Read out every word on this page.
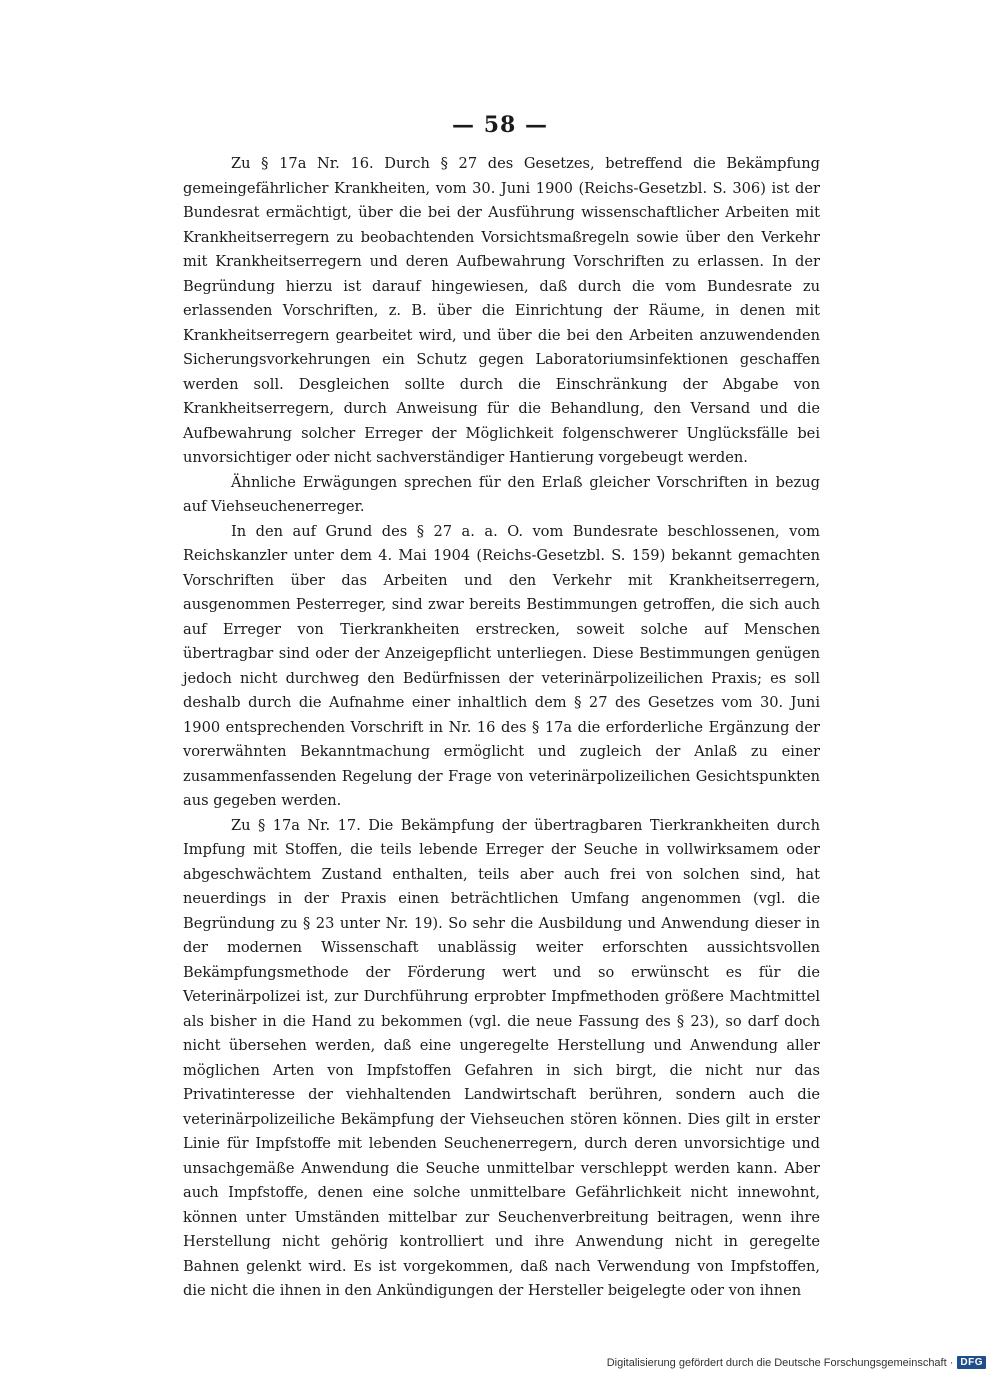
— 58 —

Zu § 17a Nr. 16. Durch § 27 des Gesetzes, betreffend die Bekämpfung gemeingefährlicher Krankheiten, vom 30. Juni 1900 (Reichs-Gesetzbl. S. 306) ist der Bundesrat ermächtigt, über die bei der Ausführung wissenschaftlicher Arbeiten mit Krankheitserregern zu beobachtenden Vorsichtsmaßregeln sowie über den Verkehr mit Krankheitserregern und deren Aufbewahrung Vorschriften zu erlassen. In der Begründung hierzu ist darauf hingewiesen, daß durch die vom Bundesrate zu erlassenden Vorschriften, z. B. über die Einrichtung der Räume, in denen mit Krankheitserregern gearbeitet wird, und über die bei den Arbeiten anzuwendenden Sicherungsvorkehrungen ein Schutz gegen Laboratoriumsinfektionen geschaffen werden soll. Desgleichen sollte durch die Einschränkung der Abgabe von Krankheitserregern, durch Anweisung für die Behandlung, den Versand und die Aufbewahrung solcher Erreger der Möglichkeit folgenschwerer Unglücksfälle bei unvorsichtiger oder nicht sachverständiger Hantierung vorgebeugt werden.

Ähnliche Erwägungen sprechen für den Erlaß gleicher Vorschriften in bezug auf Viehseuchenerreger.

In den auf Grund des § 27 a. a. O. vom Bundesrate beschlossenen, vom Reichskanzler unter dem 4. Mai 1904 (Reichs-Gesetzbl. S. 159) bekannt gemachten Vorschriften über das Arbeiten und den Verkehr mit Krankheitserregern, ausgenommen Pesterreger, sind zwar bereits Bestimmungen getroffen, die sich auch auf Erreger von Tierkrankheiten erstrecken, soweit solche auf Menschen übertragbar sind oder der Anzeigepflicht unterliegen. Diese Bestimmungen genügen jedoch nicht durchweg den Bedürfnissen der veterinärpolizeilichen Praxis; es soll deshalb durch die Aufnahme einer inhaltlich dem § 27 des Gesetzes vom 30. Juni 1900 entsprechenden Vorschrift in Nr. 16 des § 17a die erforderliche Ergänzung der vorerwähnten Bekanntmachung ermöglicht und zugleich der Anlaß zu einer zusammenfassenden Regelung der Frage von veterinärpolizeilichen Gesichtspunkten aus gegeben werden.

Zu § 17a Nr. 17. Die Bekämpfung der übertragbaren Tierkrankheiten durch Impfung mit Stoffen, die teils lebende Erreger der Seuche in vollwirksamem oder abgeschwächtem Zustand enthalten, teils aber auch frei von solchen sind, hat neuerdings in der Praxis einen beträchtlichen Umfang angenommen (vgl. die Begründung zu § 23 unter Nr. 19). So sehr die Ausbildung und Anwendung dieser in der modernen Wissenschaft unablässig weiter erforschten aussichtsvollen Bekämpfungsmethode der Förderung wert und so erwünscht es für die Veterinärpolizei ist, zur Durchführung erprobter Impfmethoden größere Machtmittel als bisher in die Hand zu bekommen (vgl. die neue Fassung des § 23), so darf doch nicht übersehen werden, daß eine ungeregelte Herstellung und Anwendung aller möglichen Arten von Impfstoffen Gefahren in sich birgt, die nicht nur das Privatinteresse der viehhaltenden Landwirtschaft berühren, sondern auch die veterinärpolizeiliche Bekämpfung der Viehseuchen stören können. Dies gilt in erster Linie für Impfstoffe mit lebenden Seuchenerregern, durch deren unvorsichtige und unsachgemäße Anwendung die Seuche unmittelbar verschleppt werden kann. Aber auch Impfstoffe, denen eine solche unmittelbare Gefährlichkeit nicht innewohnt, können unter Umständen mittelbar zur Seuchenverbreitung beitragen, wenn ihre Herstellung nicht gehörig kontrolliert und ihre Anwendung nicht in geregelte Bahnen gelenkt wird. Es ist vorgekommen, daß nach Verwendung von Impfstoffen, die nicht die ihnen in den Ankündigungen der Hersteller beigelegte oder von ihnen

Digitalisierung gefördert durch die Deutsche Forschungsgemeinschaft · DFG
